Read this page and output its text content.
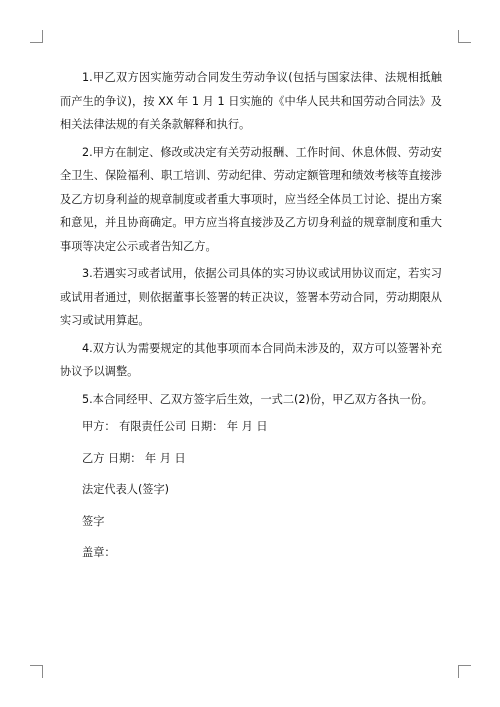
1.甲乙双方因实施劳动合同发生劳动争议(包括与国家法律、法规相抵触而产生的争议)，按 XX 年 1 月 1 日实施的《中华人民共和国劳动合同法》及相关法律法规的有关条款解释和执行。

2.甲方在制定、修改或决定有关劳动报酬、工作时间、休息休假、劳动安全卫生、保险福利、职工培训、劳动纪律、劳动定额管理和绩效考核等直接涉及乙方切身利益的规章制度或者重大事项时，应当经全体员工讨论、提出方案和意见，并且协商确定。甲方应当将直接涉及乙方切身利益的规章制度和重大事项等决定公示或者告知乙方。

3.若遇实习或者试用，依据公司具体的实习协议或试用协议而定，若实习或试用者通过，则依据董事长签署的转正决议，签署本劳动合同，劳动期限从实习或试用算起。

4.双方认为需要规定的其他事项而本合同尚未涉及的，双方可以签署补充协议予以调整。

5.本合同经甲、乙双方签字后生效，一式二(2)份，甲乙双方各执一份。

甲方： 有限责任公司 日期： 年 月 日
乙方 日期： 年 月 日
法定代表人(签字)
签字
盖章：
